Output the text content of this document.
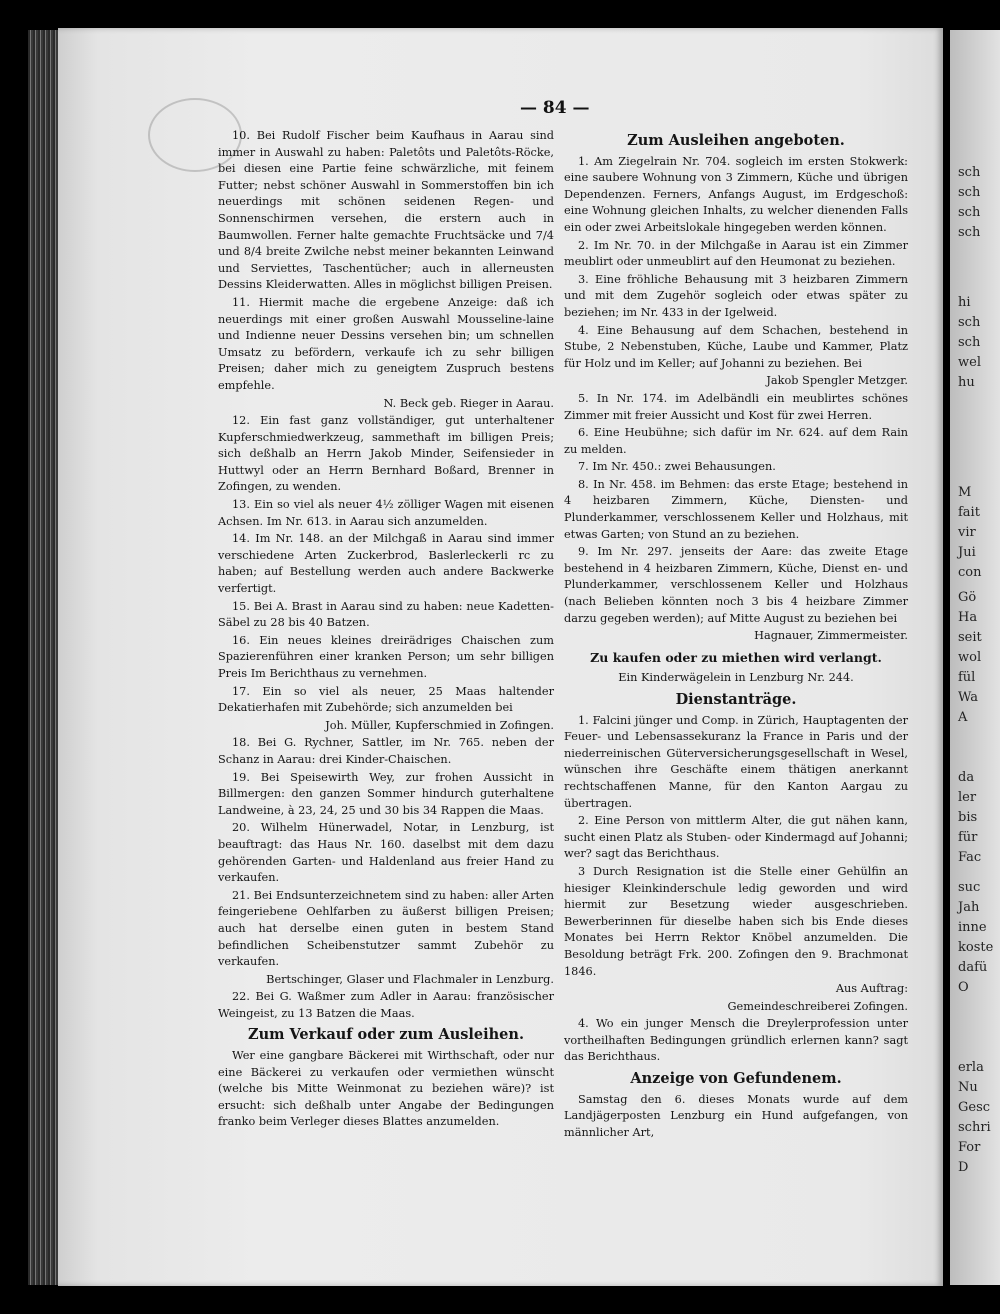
sch
sch
sch
sch
hi
sch
sch
wel
hu
M
fait
vir
Jui
con
Gö
Ha
seit
wol
fül
Wa
A
da
ler
bis
für
Fac
suc
Jah
inne
koste
dafü
O
erla
Nu
Gesc
schri
For
D
— 84 —
10. Bei Rudolf Fischer beim Kaufhaus in Aarau sind immer in Auswahl zu haben: Paletôts und Paletôts-Röcke, bei diesen eine Partie feine schwärzliche, mit feinem Futter; nebst schöner Auswahl in Sommerstoffen bin ich neuerdings mit schönen seidenen Regen- und Sonnenschirmen versehen, die erstern auch in Baumwollen. Ferner halte gemachte Fruchtsäcke und 7/4 und 8/4 breite Zwilche nebst meiner bekannten Leinwand und Serviettes, Taschentücher; auch in allerneusten Dessins Kleiderwatten. Alles in möglichst billigen Preisen.
11. Hiermit mache die ergebene Anzeige: daß ich neuerdings mit einer großen Auswahl Mousseline-laine und Indienne neuer Dessins versehen bin; um schnellen Umsatz zu befördern, verkaufe ich zu sehr billigen Preisen; daher mich zu geneigtem Zuspruch bestens empfehle.
N. Beck geb. Rieger in Aarau.
12. Ein fast ganz vollständiger, gut unterhaltener Kupferschmiedwerkzeug, sammethaft im billigen Preis; sich deßhalb an Herrn Jakob Minder, Seifensieder in Huttwyl oder an Herrn Bernhard Boßard, Brenner in Zofingen, zu wenden.
13. Ein so viel als neuer 4½ zölliger Wagen mit eisenen Achsen. Im Nr. 613. in Aarau sich anzumelden.
14. Im Nr. 148. an der Milchgaß in Aarau sind immer verschiedene Arten Zuckerbrod, Baslerleckerli rc zu haben; auf Bestellung werden auch andere Backwerke verfertigt.
15. Bei A. Brast in Aarau sind zu haben: neue Kadetten-Säbel zu 28 bis 40 Batzen.
16. Ein neues kleines dreirädriges Chaischen zum Spazierenführen einer kranken Person; um sehr billigen Preis Im Berichthaus zu vernehmen.
17. Ein so viel als neuer, 25 Maas haltender Dekatierhafen mit Zubehörde; sich anzumelden bei
Joh. Müller, Kupferschmied in Zofingen.
18. Bei G. Rychner, Sattler, im Nr. 765. neben der Schanz in Aarau: drei Kinder-Chaischen.
19. Bei Speisewirth Wey, zur frohen Aussicht in Billmergen: den ganzen Sommer hindurch guterhaltene Landweine, à 23, 24, 25 und 30 bis 34 Rappen die Maas.
20. Wilhelm Hünerwadel, Notar, in Lenzburg, ist beauftragt: das Haus Nr. 160. daselbst mit dem dazu gehörenden Garten- und Haldenland aus freier Hand zu verkaufen.
21. Bei Endsunterzeichnetem sind zu haben: aller Arten feingeriebene Oehlfarben zu äußerst billigen Preisen; auch hat derselbe einen guten in bestem Stand befindlichen Scheibenstutzer sammt Zubehör zu verkaufen.
Bertschinger, Glaser und Flachmaler in Lenzburg.
22. Bei G. Waßmer zum Adler in Aarau: französischer Weingeist, zu 13 Batzen die Maas.
Zum Verkauf oder zum Ausleihen.
Wer eine gangbare Bäckerei mit Wirthschaft, oder nur eine Bäckerei zu verkaufen oder vermiethen wünscht (welche bis Mitte Weinmonat zu beziehen wäre)? ist ersucht: sich deßhalb unter Angabe der Bedingungen franko beim Verleger dieses Blattes anzumelden.
Zum Ausleihen angeboten.
1. Am Ziegelrain Nr. 704. sogleich im ersten Stokwerk: eine saubere Wohnung von 3 Zimmern, Küche und übrigen Dependenzen. Ferners, Anfangs August, im Erdgeschoß: eine Wohnung gleichen Inhalts, zu welcher dienenden Falls ein oder zwei Arbeitslokale hingegeben werden können.
2. Im Nr. 70. in der Milchgaße in Aarau ist ein Zimmer meublirt oder unmeublirt auf den Heumonat zu beziehen.
3. Eine fröhliche Behausung mit 3 heizbaren Zimmern und mit dem Zugehör sogleich oder etwas später zu beziehen; im Nr. 433 in der Igelweid.
4. Eine Behausung auf dem Schachen, bestehend in Stube, 2 Nebenstuben, Küche, Laube und Kammer, Platz für Holz und im Keller; auf Johanni zu beziehen. Bei
Jakob Spengler Metzger.
5. In Nr. 174. im Adelbändli ein meublirtes schönes Zimmer mit freier Aussicht und Kost für zwei Herren.
6. Eine Heubühne; sich dafür im Nr. 624. auf dem Rain zu melden.
7. Im Nr. 450.: zwei Behausungen.
8. In Nr. 458. im Behmen: das erste Etage; bestehend in 4 heizbaren Zimmern, Küche, Diensten- und Plunderkammer, verschlossenem Keller und Holzhaus, mit etwas Garten; von Stund an zu beziehen.
9. Im Nr. 297. jenseits der Aare: das zweite Etage bestehend in 4 heizbaren Zimmern, Küche, Dienst en- und Plunderkammer, verschlossenem Keller und Holzhaus (nach Belieben könnten noch 3 bis 4 heizbare Zimmer darzu gegeben werden); auf Mitte August zu beziehen bei
Hagnauer, Zimmermeister.
Zu kaufen oder zu miethen wird verlangt.
Ein Kinderwägelein in Lenzburg Nr. 244.
Dienstanträge.
1. Falcini jünger und Comp. in Zürich, Hauptagenten der Feuer- und Lebensassekuranz la France in Paris und der niederreinischen Güterversicherungsgesellschaft in Wesel, wünschen ihre Geschäfte einem thätigen anerkannt rechtschaffenen Manne, für den Kanton Aargau zu übertragen.
2. Eine Person von mittlerm Alter, die gut nähen kann, sucht einen Platz als Stuben- oder Kindermagd auf Johanni; wer? sagt das Berichthaus.
3 Durch Resignation ist die Stelle einer Gehülfin an hiesiger Kleinkinderschule ledig geworden und wird hiermit zur Besetzung wieder ausgeschrieben. Bewerberinnen für dieselbe haben sich bis Ende dieses Monates bei Herrn Rektor Knöbel anzumelden. Die Besoldung beträgt Frk. 200. Zofingen den 9. Brachmonat 1846.
Aus Auftrag:
Gemeindeschreiberei Zofingen.
4. Wo ein junger Mensch die Dreylerprofession unter vortheilhaften Bedingungen gründlich erlernen kann? sagt das Berichthaus.
Anzeige von Gefundenem.
Samstag den 6. dieses Monats wurde auf dem Landjägerposten Lenzburg ein Hund aufgefangen, von männlicher Art,
